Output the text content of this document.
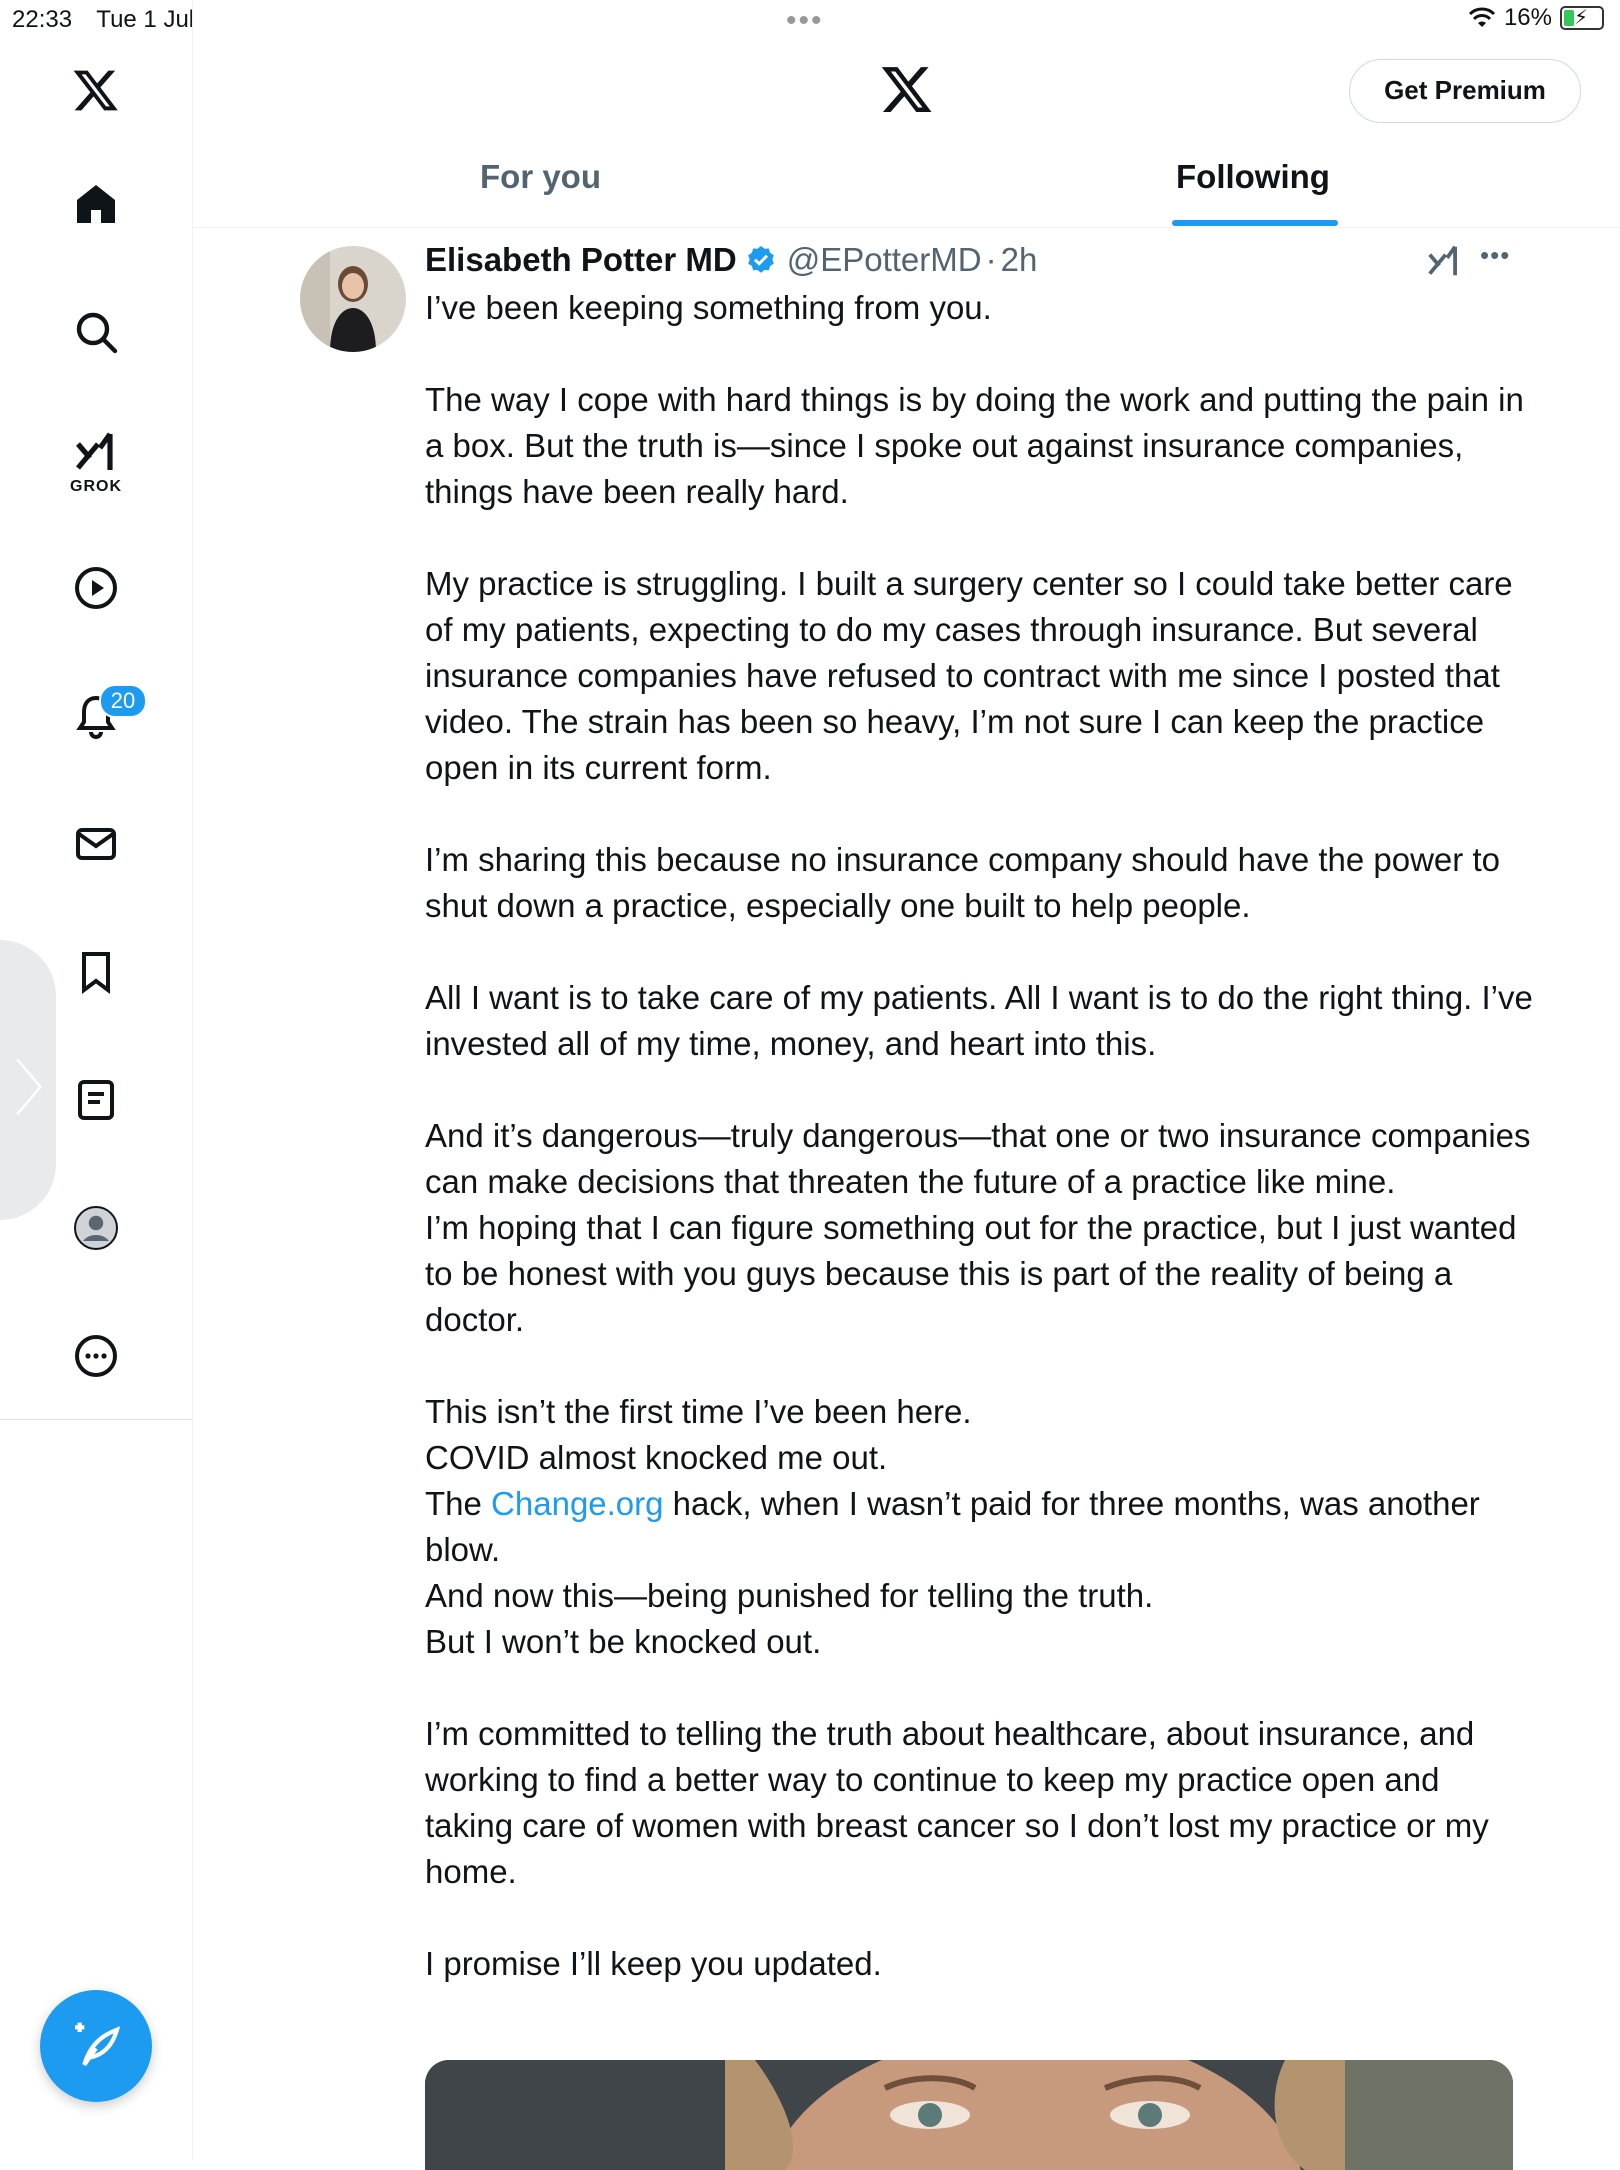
22:33 Tue 1 Jul	•••	16% ⚡
GROK
20
〉
Get Premium
For you	Following
Elisabeth Potter MD @EPotterMD · 2h	•••

I’ve been keeping something from you.

The way I cope with hard things is by doing the work and putting the pain in a box. But the truth is—since I spoke out against insurance companies, things have been really hard.

My practice is struggling. I built a surgery center so I could take better care of my patients, expecting to do my cases through insurance. But several insurance companies have refused to contract with me since I posted that video. The strain has been so heavy, I’m not sure I can keep the practice open in its current form.

I’m sharing this because no insurance company should have the power to shut down a practice, especially one built to help people.

All I want is to take care of my patients. All I want is to do the right thing. I’ve invested all of my time, money, and heart into this.

And it’s dangerous—truly dangerous—that one or two insurance companies can make decisions that threaten the future of a practice like mine.

I’m hoping that I can figure something out for the practice, but I just wanted to be honest with you guys because this is part of the reality of being a doctor.

This isn’t the first time I’ve been here.

COVID almost knocked me out.

The Change.org hack, when I wasn’t paid for three months, was another blow.

And now this—being punished for telling the truth.

But I won’t be knocked out.

I’m committed to telling the truth about healthcare, about insurance, and working to find a better way to continue to keep my practice open and taking care of women with breast cancer so I don’t lost my practice or my home.

I promise I’ll keep you updated.
